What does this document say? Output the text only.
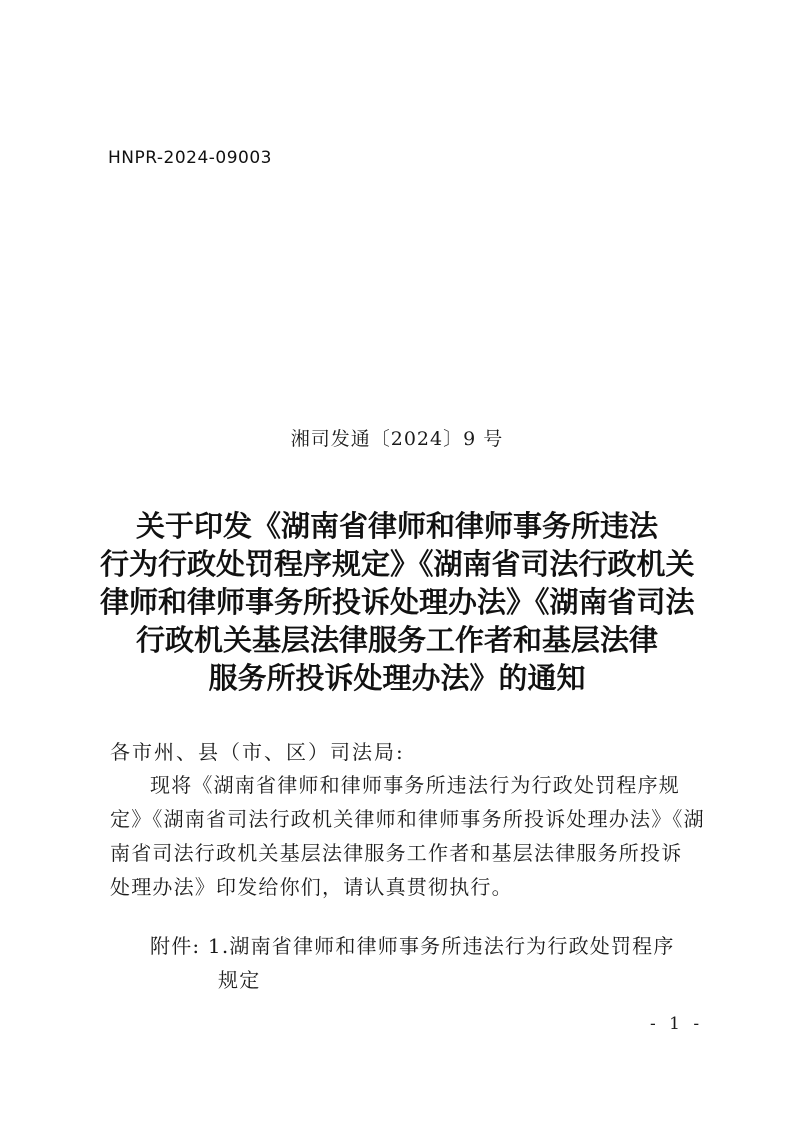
HNPR-2024-09003
湘司发通〔2024〕9 号
关于印发《湖南省律师和律师事务所违法
行为行政处罚程序规定》《湖南省司法行政机关
律师和律师事务所投诉处理办法》《湖南省司法
行政机关基层法律服务工作者和基层法律
服务所投诉处理办法》的通知
各市州、县（市、区）司法局:
现将《湖南省律师和律师事务所违法行为行政处罚程序规
定》《湖南省司法行政机关律师和律师事务所投诉处理办法》《湖
南省司法行政机关基层法律服务工作者和基层法律服务所投诉
处理办法》印发给你们，请认真贯彻执行。
附件: 1.湖南省律师和律师事务所违法行为行政处罚程序
规定
- 1 -
